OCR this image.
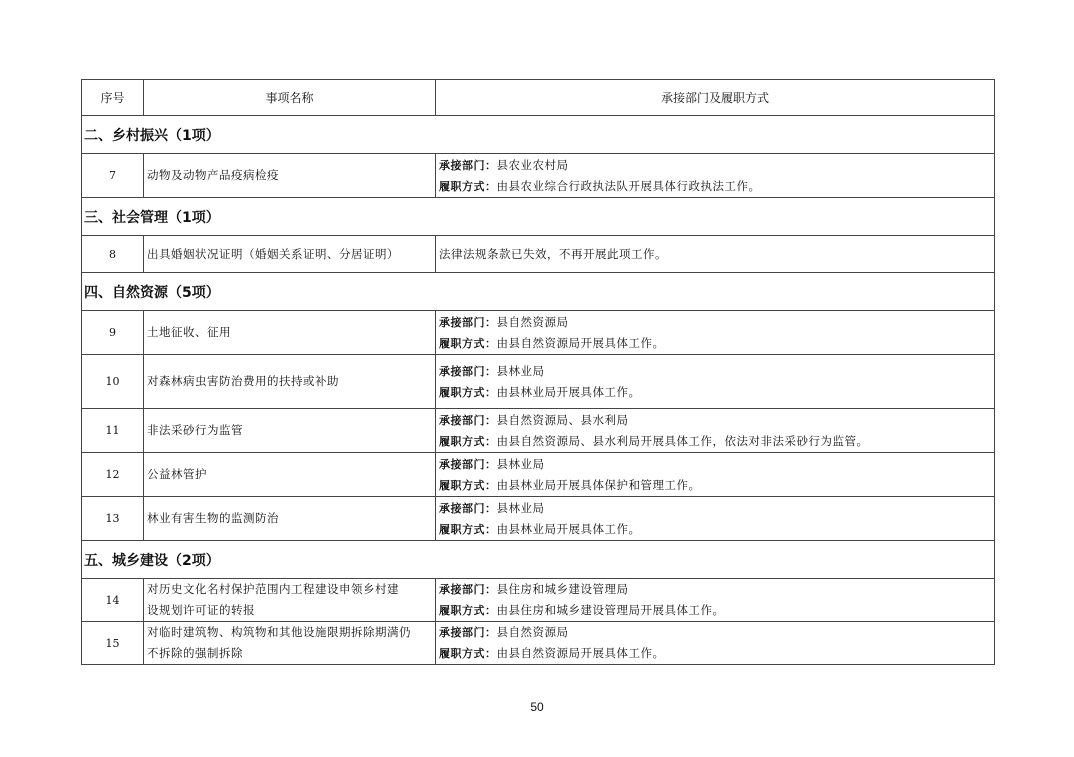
序号	事项名称	承接部门及履职方式
二、乡村振兴（1项）		
7	动物及动物产品疫病检疫	承接部门：县农业农村局
履职方式：由县农业综合行政执法队开展具体行政执法工作。

三、社会管理（1项）		
8	出具婚姻状况证明（婚姻关系证明、分居证明）	法律法规条款已失效，不再开展此项工作。
四、自然资源（5项）		
9	土地征收、征用	承接部门：县自然资源局
履职方式：由县自然资源局开展具体工作。

10	对森林病虫害防治费用的扶持或补助	承接部门：县林业局
履职方式：由县林业局开展具体工作。

11	非法采砂行为监管	承接部门：县自然资源局、县水利局
履职方式：由县自然资源局、县水利局开展具体工作，依法对非法采砂行为监管。

12	公益林管护	承接部门：县林业局
履职方式：由县林业局开展具体保护和管理工作。

13	林业有害生物的监测防治	承接部门：县林业局
履职方式：由县林业局开展具体工作。

五、城乡建设（2项）		
14	对历史文化名村保护范围内工程建设申领乡村建
设规划许可证的转报	承接部门：县住房和城乡建设管理局
履职方式：由县住房和城乡建设管理局开展具体工作。

15	对临时建筑物、构筑物和其他设施限期拆除期满仍
不拆除的强制拆除	承接部门：县自然资源局
履职方式：由县自然资源局开展具体工作。
50
